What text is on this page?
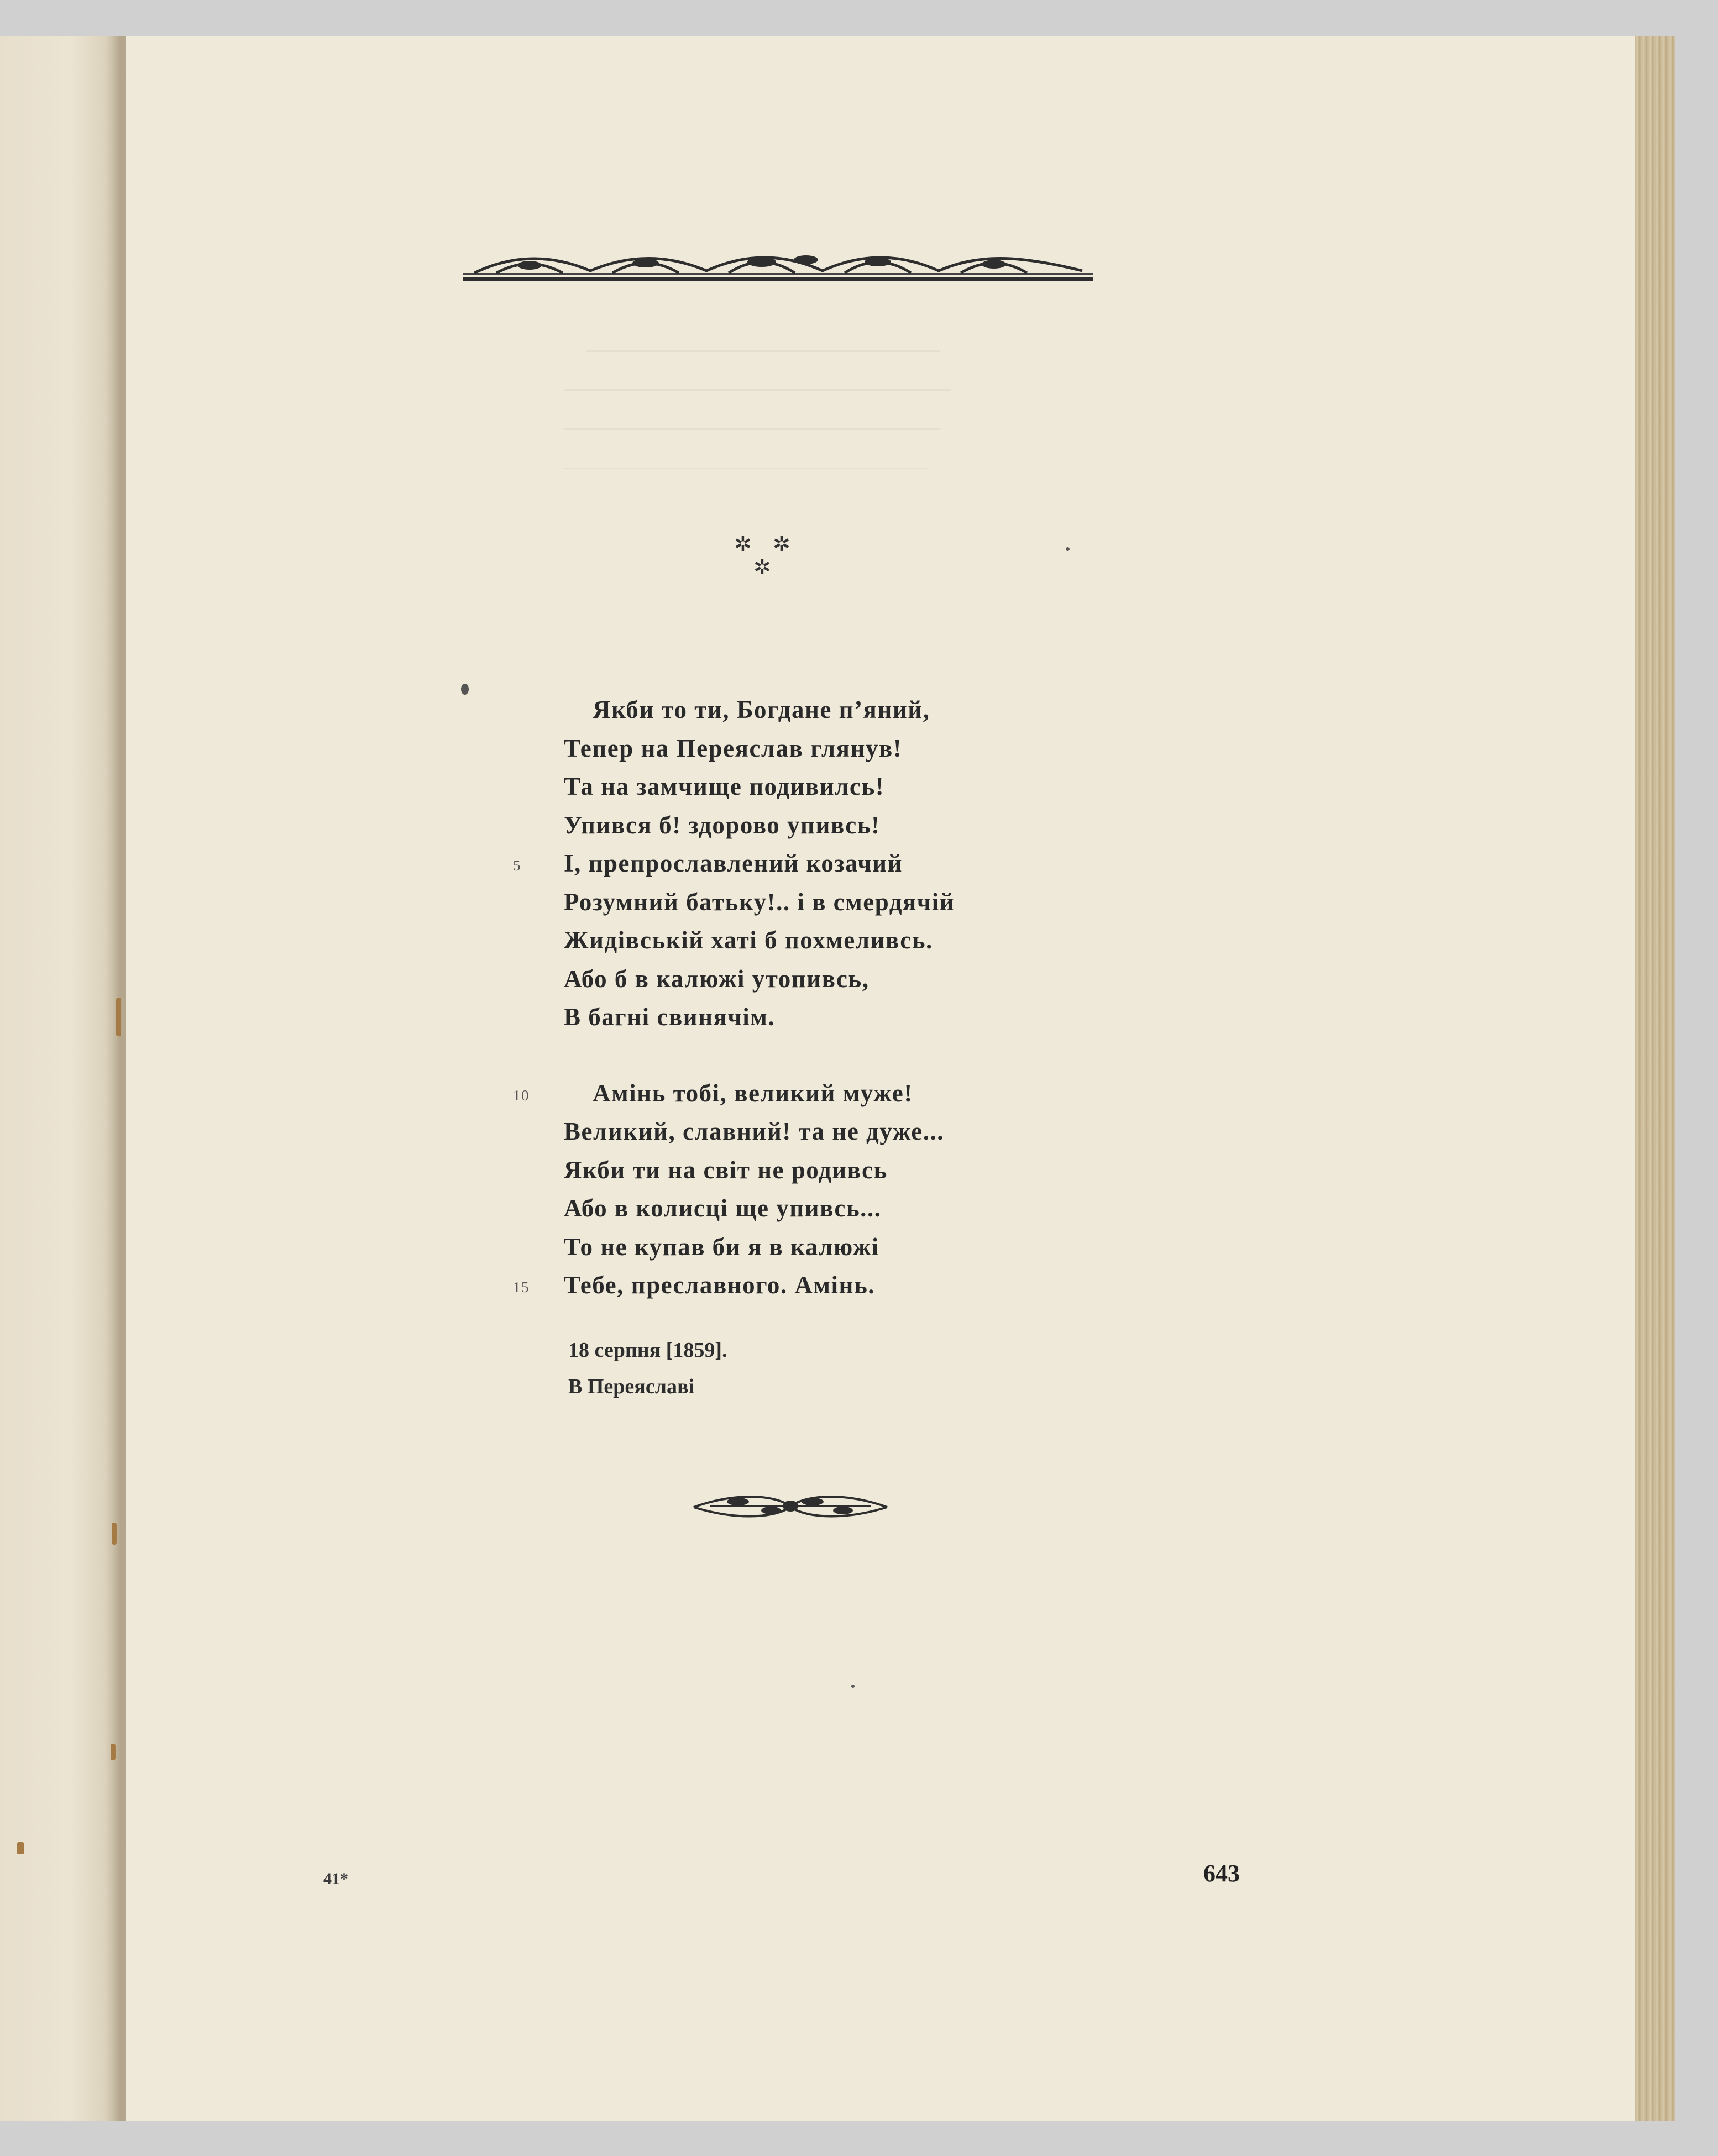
✲ ✲
✲
Якби то ти, Богдане п’яний,
Тепер на Переяслав глянув!
Та на замчище подивилсь!
Упився б! здорово упивсь!
5 І, препрославлений козачий
Розумний батьку!.. і в смердячій
Жидівській хаті б похмеливсь.
Або б в калюжі утопивсь,
В багні свинячім.
10	Амінь тобі, великий муже!
Великий, славний! та не дуже...
Якби ти на світ не родивсь
Або в колисці ще упивсь...
То не купав би я в калюжі
15 Тебе, преславного. Амінь.
18 серпня [1859].
В Переяславі
41*	643
